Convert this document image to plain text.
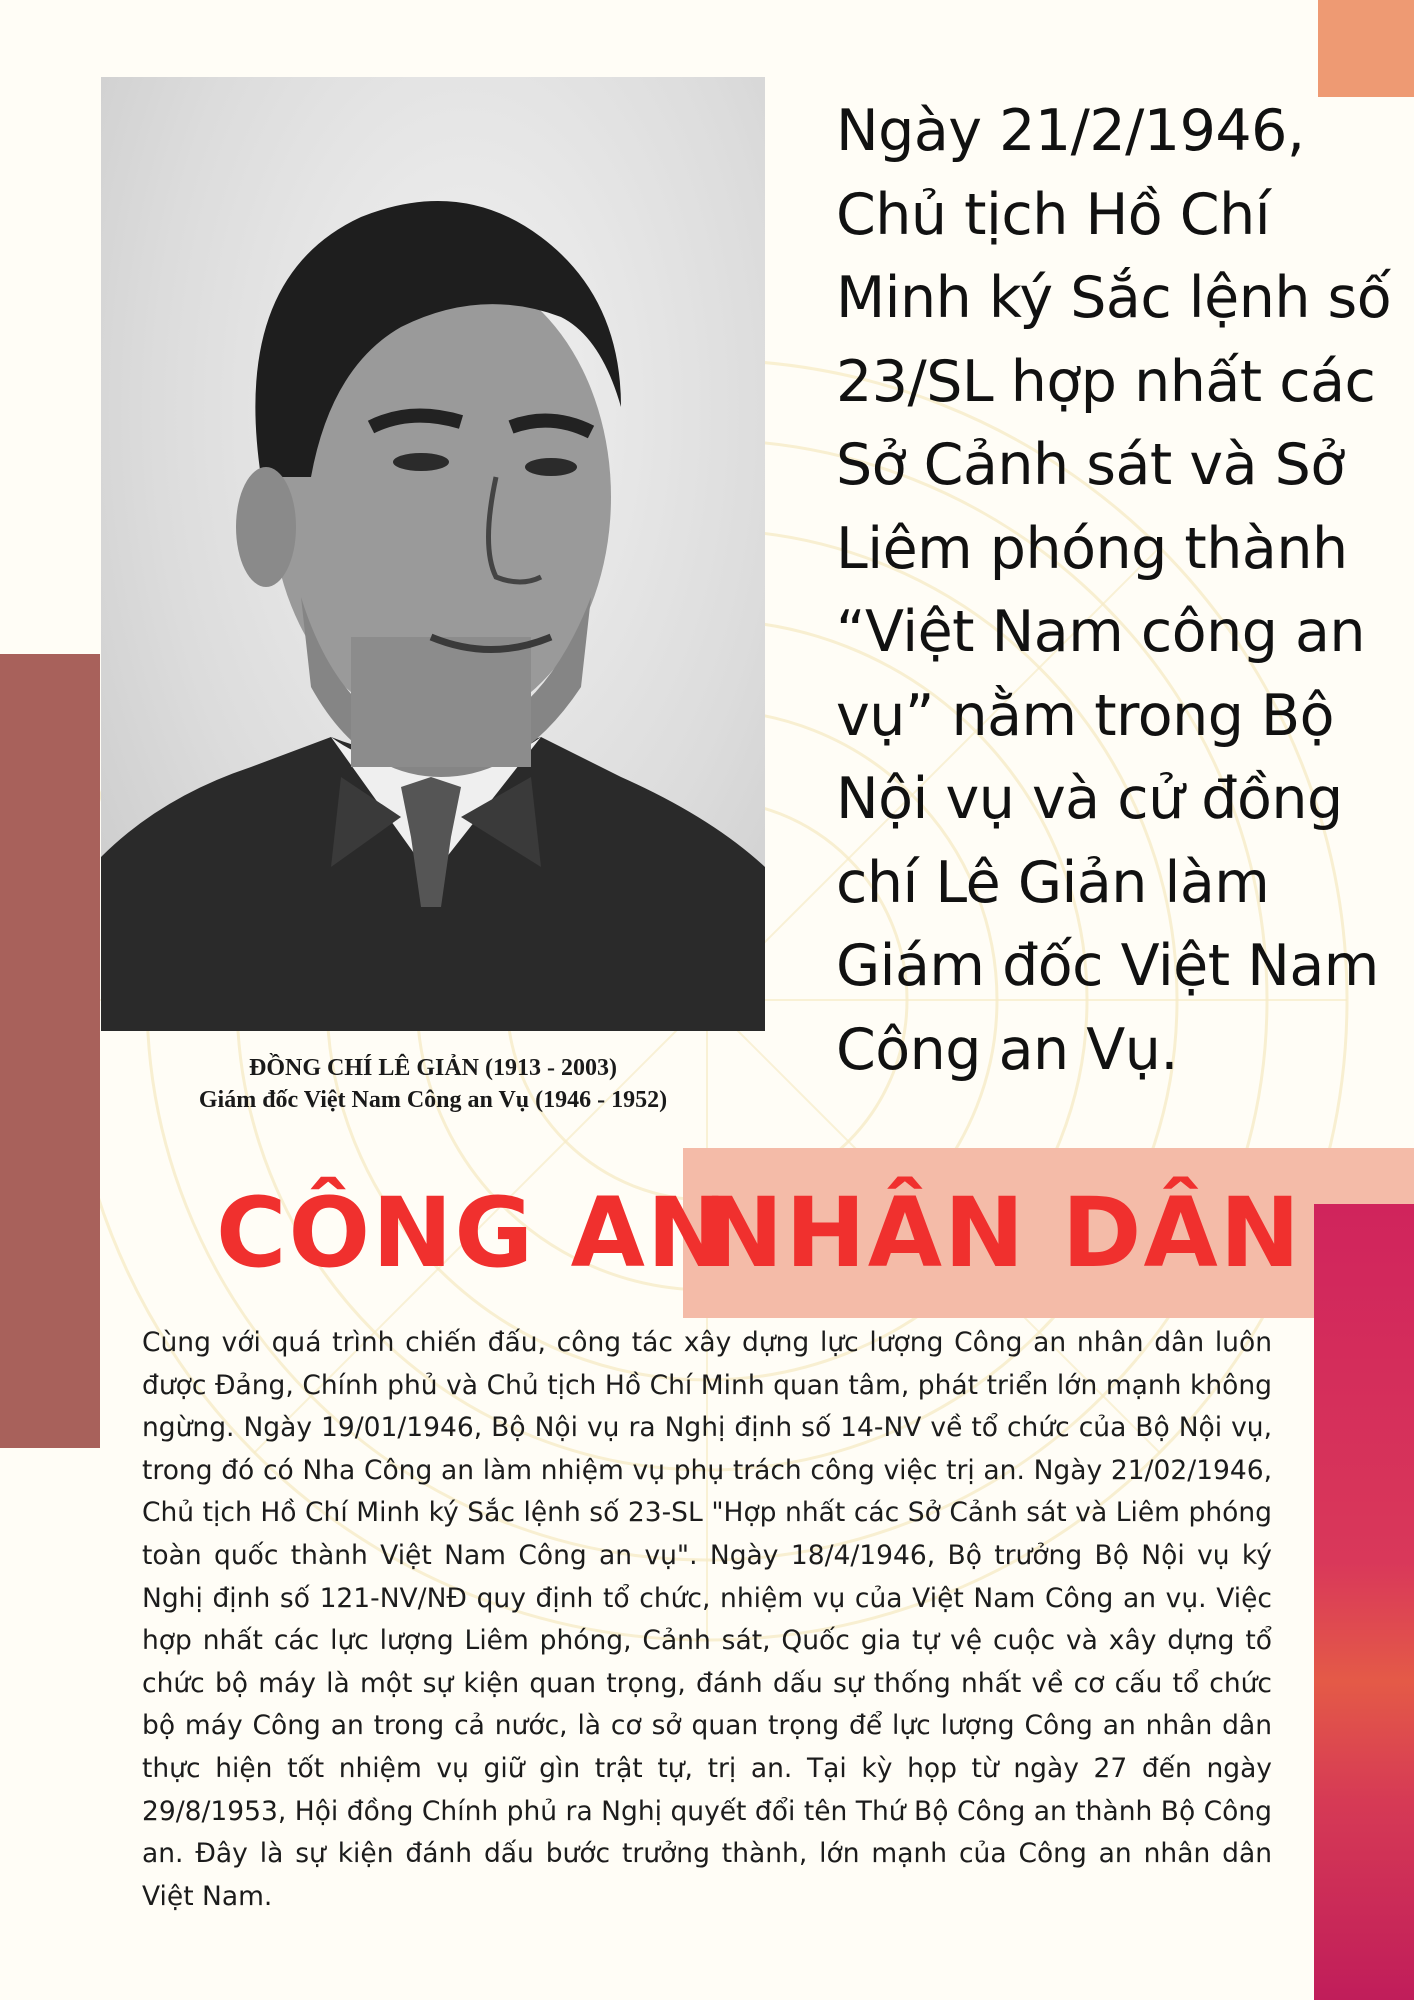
ĐỒNG CHÍ LÊ GIẢN (1913 - 2003)
Giám đốc Việt Nam Công an Vụ (1946 - 1952)
Ngày 21/2/1946, Chủ tịch Hồ Chí Minh ký Sắc lệnh số 23/SL hợp nhất các Sở Cảnh sát và Sở Liêm phóng thành “Việt Nam công an vụ” nằm trong Bộ Nội vụ và cử đồng chí Lê Giản làm Giám đốc Việt Nam Công an Vụ.
CÔNG AN
NHÂN DÂN
Cùng với quá trình chiến đấu, công tác xây dựng lực lượng Công an nhân dân luôn được Đảng, Chính phủ và Chủ tịch Hồ Chí Minh quan tâm, phát triển lớn mạnh không ngừng. Ngày 19/01/1946, Bộ Nội vụ ra Nghị định số 14-NV về tổ chức của Bộ Nội vụ, trong đó có Nha Công an làm nhiệm vụ phụ trách công việc trị an. Ngày 21/02/1946, Chủ tịch Hồ Chí Minh ký Sắc lệnh số 23-SL "Hợp nhất các Sở Cảnh sát và Liêm phóng toàn quốc thành Việt Nam Công an vụ". Ngày 18/4/1946, Bộ trưởng Bộ Nội vụ ký Nghị định số 121-NV/NĐ quy định tổ chức, nhiệm vụ của Việt Nam Công an vụ. Việc hợp nhất các lực lượng Liêm phóng, Cảnh sát, Quốc gia tự vệ cuộc và xây dựng tổ chức bộ máy là một sự kiện quan trọng, đánh dấu sự thống nhất về cơ cấu tổ chức bộ máy Công an trong cả nước, là cơ sở quan trọng để lực lượng Công an nhân dân thực hiện tốt nhiệm vụ giữ gìn trật tự, trị an. Tại kỳ họp từ ngày 27 đến ngày 29/8/1953, Hội đồng Chính phủ ra Nghị quyết đổi tên Thứ Bộ Công an thành Bộ Công an. Đây là sự kiện đánh dấu bước trưởng thành, lớn mạnh của Công an nhân dân Việt Nam.
